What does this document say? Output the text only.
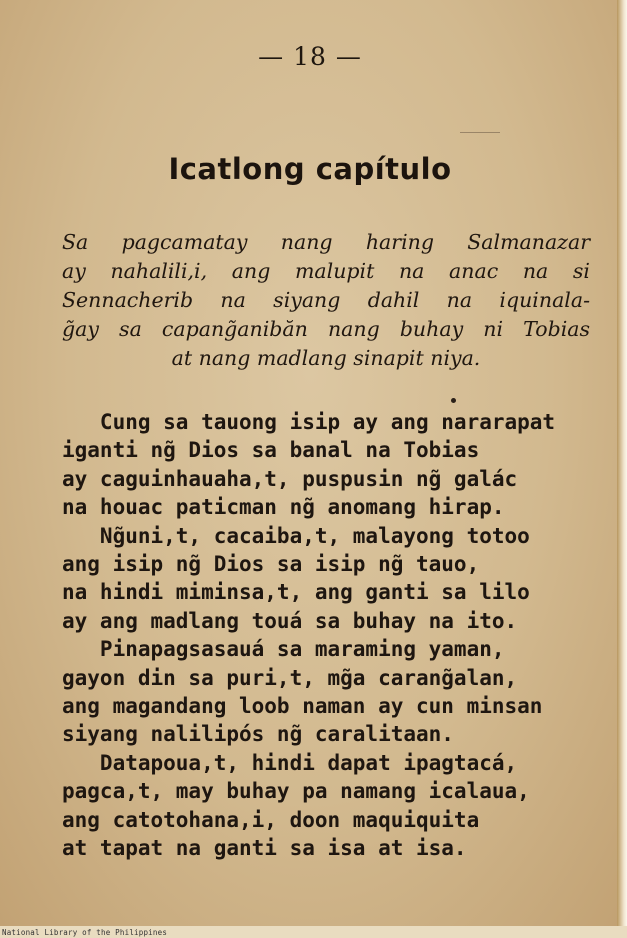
— 18 —
Icatlong capítulo
Sa pagcamatay nang haring Salmanazar
ay nahalili,i, ang malupit na anac na si
Sennacherib na siyang dahil na iquinala-
g̃ay sa capang̃anibăn nang buhay ni Tobias
at nang madlang sinapit niya.
Cung sa tauong isip ay ang nararapat
iganti ng̃ Dios sa banal na Tobias
ay caguinhauaha,t, puspusin ng̃ galác
na houac paticman ng̃ anomang hirap.
Ng̃uni,t, cacaiba,t, malayong totoo
ang isip ng̃ Dios sa isip ng̃ tauo,
na hindi miminsa,t, ang ganti sa lilo
ay ang madlang touá sa buhay na ito.
Pinapagsasauá sa maraming yaman,
gayon din sa puri,t, mg̃a carang̃alan,
ang magandang loob naman ay cun minsan
siyang nalilipós ng̃ caralitaan.
Datapoua,t, hindi dapat ipagtacá,
pagca,t, may buhay pa namang icalaua,
ang catotohana,i, doon maquiquita
at tapat na ganti sa isa at isa.
National Library of the Philippines
